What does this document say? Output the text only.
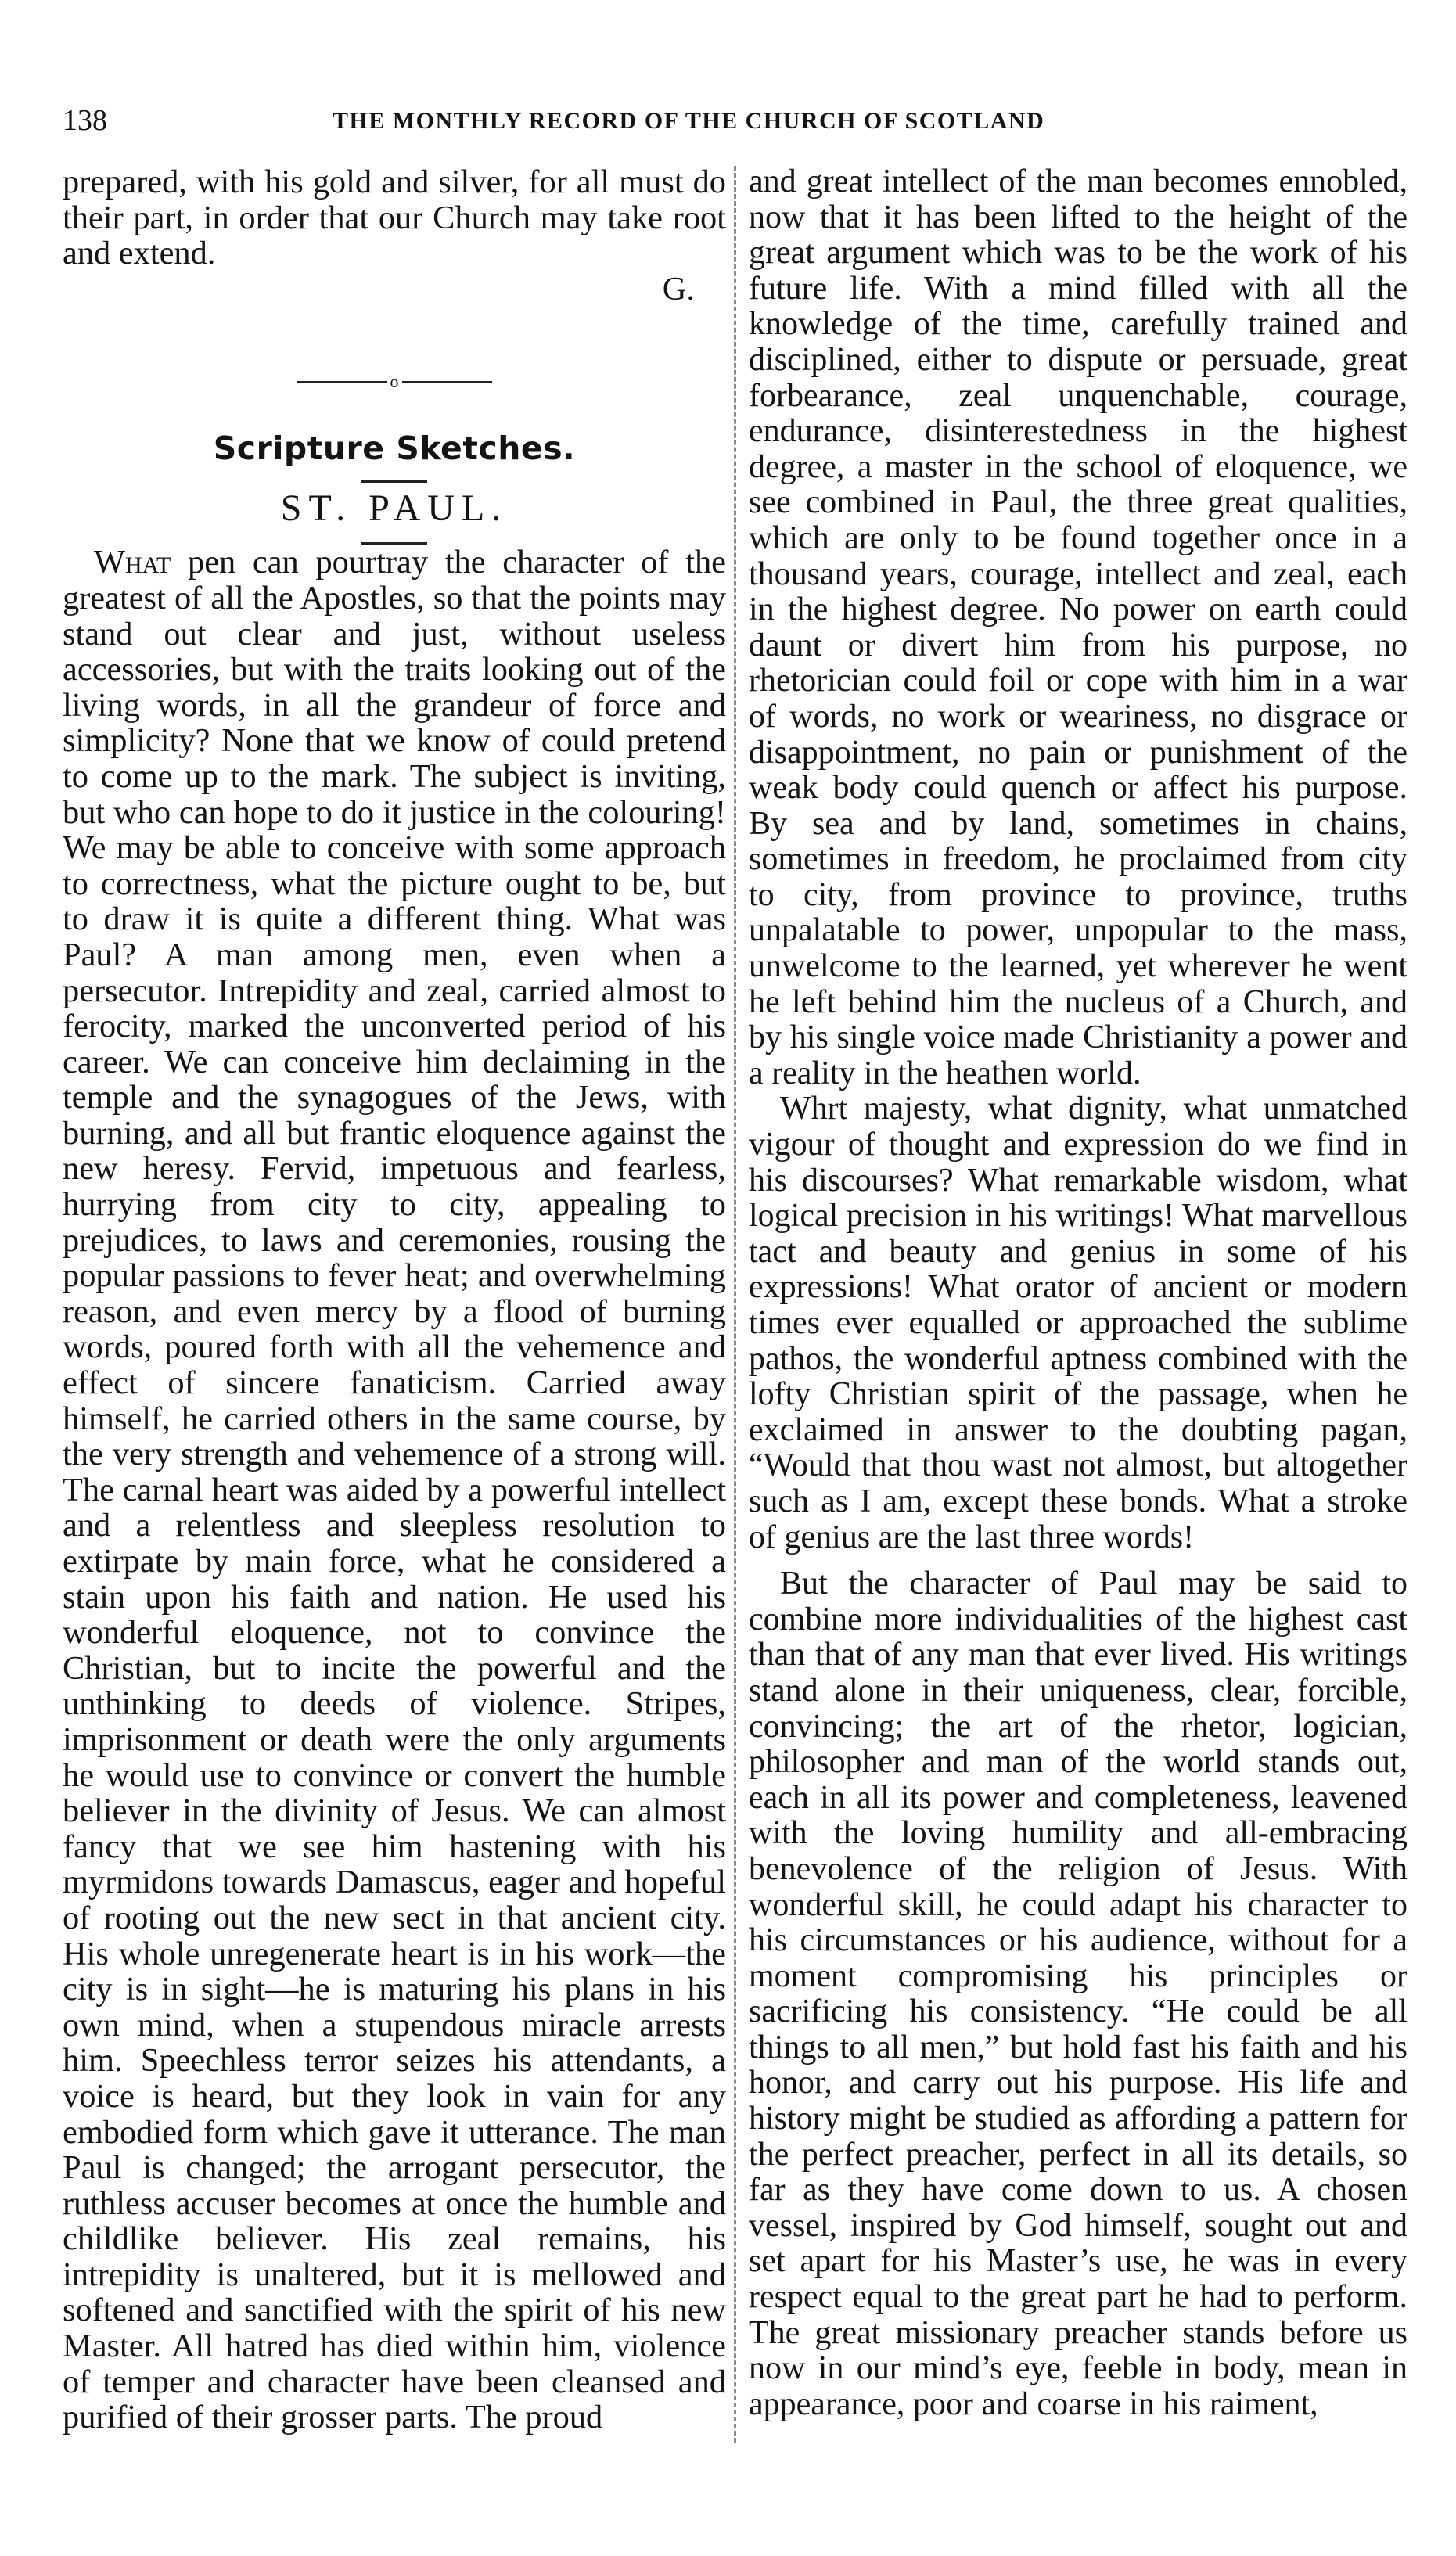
138	THE MONTHLY RECORD OF THE CHURCH OF SCOTLAND

prepared, with his gold and silver, for all must do their part, in order that our Church may take root and extend.

G.
o
Scripture Sketches.
ST. PAUL.

What pen can pourtray the character of the greatest of all the Apostles, so that the points may stand out clear and just, without useless accessories, but with the traits looking out of the living words, in all the grandeur of force and simplicity? None that we know of could pretend to come up to the mark. The subject is inviting, but who can hope to do it justice in the colouring! We may be able to conceive with some approach to correctness, what the picture ought to be, but to draw it is quite a different thing. What was Paul? A man among men, even when a persecutor. Intrepidity and zeal, carried almost to ferocity, marked the unconverted period of his career. We can conceive him declaiming in the temple and the synagogues of the Jews, with burning, and all but frantic eloquence against the new heresy. Fervid, impetuous and fearless, hurrying from city to city, appealing to prejudices, to laws and ceremonies, rousing the popular passions to fever heat; and overwhelming reason, and even mercy by a flood of burning words, poured forth with all the vehemence and effect of sincere fanaticism. Carried away himself, he carried others in the same course, by the very strength and vehemence of a strong will. The carnal heart was aided by a powerful intellect and a relentless and sleepless resolution to extirpate by main force, what he considered a stain upon his faith and nation. He used his wonderful eloquence, not to convince the Christian, but to incite the powerful and the unthinking to deeds of violence. Stripes, imprisonment or death were the only arguments he would use to convince or convert the humble believer in the divinity of Jesus. We can almost fancy that we see him hastening with his myrmidons towards Damascus, eager and hopeful of rooting out the new sect in that ancient city. His whole unregenerate heart is in his work—the city is in sight—he is maturing his plans in his own mind, when a stupendous miracle arrests him. Speechless terror seizes his attendants, a voice is heard, but they look in vain for any embodied form which gave it utterance. The man Paul is changed; the arrogant persecutor, the ruthless accuser becomes at once the humble and childlike believer. His zeal remains, his intrepidity is unaltered, but it is mellowed and softened and sanctified with the spirit of his new Master. All hatred has died within him, violence of temper and character have been cleansed and purified of their grosser parts. The proud

and great intellect of the man becomes ennobled, now that it has been lifted to the height of the great argument which was to be the work of his future life. With a mind filled with all the knowledge of the time, carefully trained and disciplined, either to dispute or persuade, great forbearance, zeal unquenchable, courage, endurance, disinterestedness in the highest degree, a master in the school of eloquence, we see combined in Paul, the three great qualities, which are only to be found together once in a thousand years, courage, intellect and zeal, each in the highest degree. No power on earth could daunt or divert him from his purpose, no rhetorician could foil or cope with him in a war of words, no work or weariness, no disgrace or disappointment, no pain or punishment of the weak body could quench or affect his purpose. By sea and by land, sometimes in chains, sometimes in freedom, he proclaimed from city to city, from province to province, truths unpalatable to power, unpopular to the mass, unwelcome to the learned, yet wherever he went he left behind him the nucleus of a Church, and by his single voice made Christianity a power and a reality in the heathen world.

Whrt majesty, what dignity, what unmatched vigour of thought and expression do we find in his discourses? What remarkable wisdom, what logical precision in his writings! What marvellous tact and beauty and genius in some of his expressions! What orator of ancient or modern times ever equalled or approached the sublime pathos, the wonderful aptness combined with the lofty Christian spirit of the passage, when he exclaimed in answer to the doubting pagan, “Would that thou wast not almost, but altogether such as I am, except these bonds. What a stroke of genius are the last three words!

But the character of Paul may be said to combine more individualities of the highest cast than that of any man that ever lived. His writings stand alone in their uniqueness, clear, forcible, convincing; the art of the rhetor, logician, philosopher and man of the world stands out, each in all its power and completeness, leavened with the loving humility and all-embracing benevolence of the religion of Jesus. With wonderful skill, he could adapt his character to his circumstances or his audience, without for a moment compromising his principles or sacrificing his consistency. “He could be all things to all men,” but hold fast his faith and his honor, and carry out his purpose. His life and history might be studied as affording a pattern for the perfect preacher, perfect in all its details, so far as they have come down to us. A chosen vessel, inspired by God himself, sought out and set apart for his Master’s use, he was in every respect equal to the great part he had to perform. The great missionary preacher stands before us now in our mind’s eye, feeble in body, mean in appearance, poor and coarse in his raiment,
